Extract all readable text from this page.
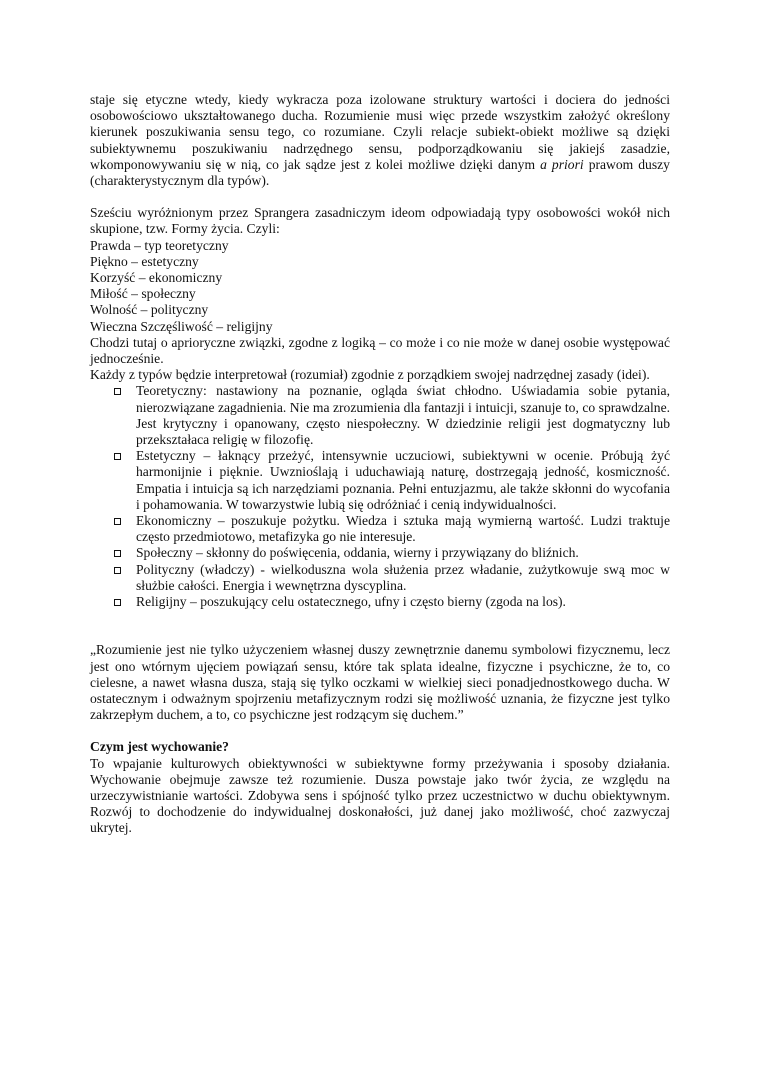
staje się etyczne wtedy, kiedy wykracza poza izolowane struktury wartości i dociera do jedności osobowościowo ukształtowanego ducha. Rozumienie musi więc przede wszystkim założyć określony kierunek poszukiwania sensu tego, co rozumiane. Czyli relacje subiekt-obiekt możliwe są dzięki subiektywnemu poszukiwaniu nadrzędnego sensu, podporządkowaniu się jakiejś zasadzie, wkomponowywaniu się w nią, co jak sądze jest z kolei możliwe dzięki danym a priori prawom duszy (charakterystycznym dla typów).

Sześciu wyróżnionym przez Sprangera zasadniczym ideom odpowiadają typy osobowości wokół nich skupione, tzw. Formy życia. Czyli:

Prawda – typ teoretyczny

Piękno – estetyczny

Korzyść – ekonomiczny

Miłość – społeczny

Wolność – polityczny

Wieczna Szczęśliwość – religijny

Chodzi tutaj o aprioryczne związki, zgodne z logiką – co może i co nie może w danej osobie występować jednocześnie.

Każdy z typów będzie interpretował (rozumiał) zgodnie z porządkiem swojej nadrzędnej zasady (idei).

Teoretyczny: nastawiony na poznanie, ogląda świat chłodno. Uświadamia sobie pytania, nierozwiązane zagadnienia. Nie ma zrozumienia dla fantazji i intuicji, szanuje to, co sprawdzalne. Jest krytyczny i opanowany, często niespołeczny. W dziedzinie religii jest dogmatyczny lub przekształaca religię w filozofię.
Estetyczny – łaknący przeżyć, intensywnie uczuciowi, subiektywni w ocenie. Próbują żyć harmonijnie i pięknie. Uwznioślają i uduchawiają naturę, dostrzegają jedność, kosmiczność. Empatia i intuicja są ich narzędziami poznania. Pełni entuzjazmu, ale także skłonni do wycofania i pohamowania. W towarzystwie lubią się odróżniać i cenią indywidualności.
Ekonomiczny – poszukuje pożytku. Wiedza i sztuka mają wymierną wartość. Ludzi traktuje często przedmiotowo, metafizyka go nie interesuje.
Społeczny – skłonny do poświęcenia, oddania, wierny i przywiązany do bliźnich.
Polityczny (władczy) - wielkoduszna wola służenia przez władanie, zużytkowuje swą moc w służbie całości. Energia i wewnętrzna dyscyplina.
Religijny – poszukujący celu ostatecznego, ufny i często bierny (zgoda na los).

„Rozumienie jest nie tylko użyczeniem własnej duszy zewnętrznie danemu symbolowi fizycznemu, lecz jest ono wtórnym ujęciem powiązań sensu, które tak splata idealne, fizyczne i psychiczne, że to, co cielesne, a nawet własna dusza, stają się tylko oczkami w wielkiej sieci ponadjednostkowego ducha. W ostatecznym i odważnym spojrzeniu metafizycznym rodzi się możliwość uznania, że fizyczne jest tylko zakrzepłym duchem, a to, co psychiczne jest rodzącym się duchem.”

Czym jest wychowanie?

To wpajanie kulturowych obiektywności w subiektywne formy przeżywania i sposoby działania. Wychowanie obejmuje zawsze też rozumienie. Dusza powstaje jako twór życia, ze względu na urzeczywistnianie wartości. Zdobywa sens i spójność tylko przez uczestnictwo w duchu obiektywnym. Rozwój to dochodzenie do indywidualnej doskonałości, już danej jako możliwość, choć zazwyczaj ukrytej.
